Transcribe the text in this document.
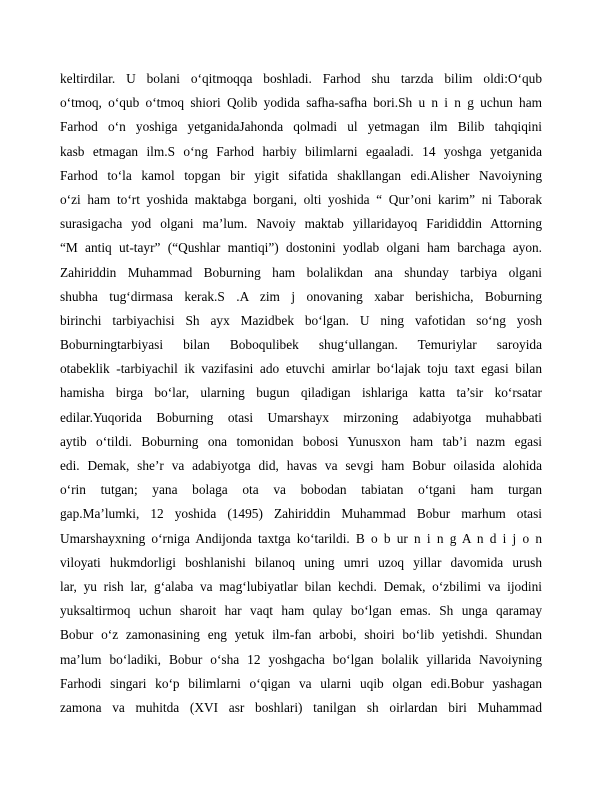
keltirdilar. U bolani o‘qitmoqqa boshladi. Farhod shu tarzda bilim oldi:O‘qub
o‘tmoq, o‘qub o‘tmoq shiori Qolib yodida safha-safha bori.Sh u n i n g uchun ham
Farhod o‘n yoshiga yetganidaJahonda qolmadi ul yetmagan ilm Bilib tahqiqini
kasb etmagan ilm.S o‘ng Farhod harbiy bilimlarni egaaladi. 14 yoshga yetganida
Farhod to‘la kamol topgan bir yigit sifatida shakllangan edi.Alisher Navoiyning
o‘zi ham to‘rt yoshida maktabga borgani, olti yoshida “ Qur’oni karim” ni Taborak
surasigacha yod olgani ma’lum. Navoiy maktab yillaridayoq Farididdin Attorning
“M antiq ut-tayr” (“Qushlar mantiqi”) dostonini yodlab olgani ham barchaga ayon.
Zahiriddin Muhammad Boburning ham bolalikdan ana shunday tarbiya olgani
shubha tug‘dirmasa kerak.S .A zim j onovaning xabar berishicha, Boburning
birinchi tarbiyachisi Sh ayx Mazidbek bo‘lgan. U ning vafotidan so‘ng yosh
Boburningtarbiyasi bilan Boboqulibek shug‘ullangan. Temuriylar saroyida
otabeklik -tarbiyachil ik vazifasini ado etuvchi amirlar bo‘lajak toju taxt egasi bilan
hamisha birga bo‘lar, ularning bugun qiladigan ishlariga katta ta’sir ko‘rsatar
edilar.Yuqorida Boburning otasi Umarshayx mirzoning adabiyotga muhabbati
aytib o‘tildi. Boburning ona tomonidan bobosi Yunusxon ham tab’i nazm egasi
edi. Demak, she’r va adabiyotga did, havas va sevgi ham Bobur oilasida alohida
o‘rin tutgan; yana bolaga ota va bobodan tabiatan o‘tgani ham turgan
gap.Ma’lumki, 12 yoshida (1495) Zahiriddin Muhammad Bobur marhum otasi
Umarshayxning o‘rniga Andijonda taxtga ko‘tarildi. B o b ur n i n g A n d i j o n
viloyati hukmdorligi boshlanishi bilanoq uning umri uzoq yillar davomida urush
lar, yu rish lar, g‘alaba va mag‘lubiyatlar bilan kechdi. Demak, o‘zbilimi va ijodini
yuksaltirmoq uchun sharoit har vaqt ham qulay bo‘lgan emas. Sh unga qaramay
Bobur o‘z zamonasining eng yetuk ilm-fan arbobi, shoiri bo‘lib yetishdi. Shundan
ma’lum bo‘ladiki, Bobur o‘sha 12 yoshgacha bo‘lgan bolalik yillarida Navoiyning
Farhodi singari ko‘p bilimlarni o‘qigan va ularni uqib olgan edi.Bobur yashagan
zamona va muhitda (XVI asr boshlari) tanilgan sh oirlardan biri Muhammad
